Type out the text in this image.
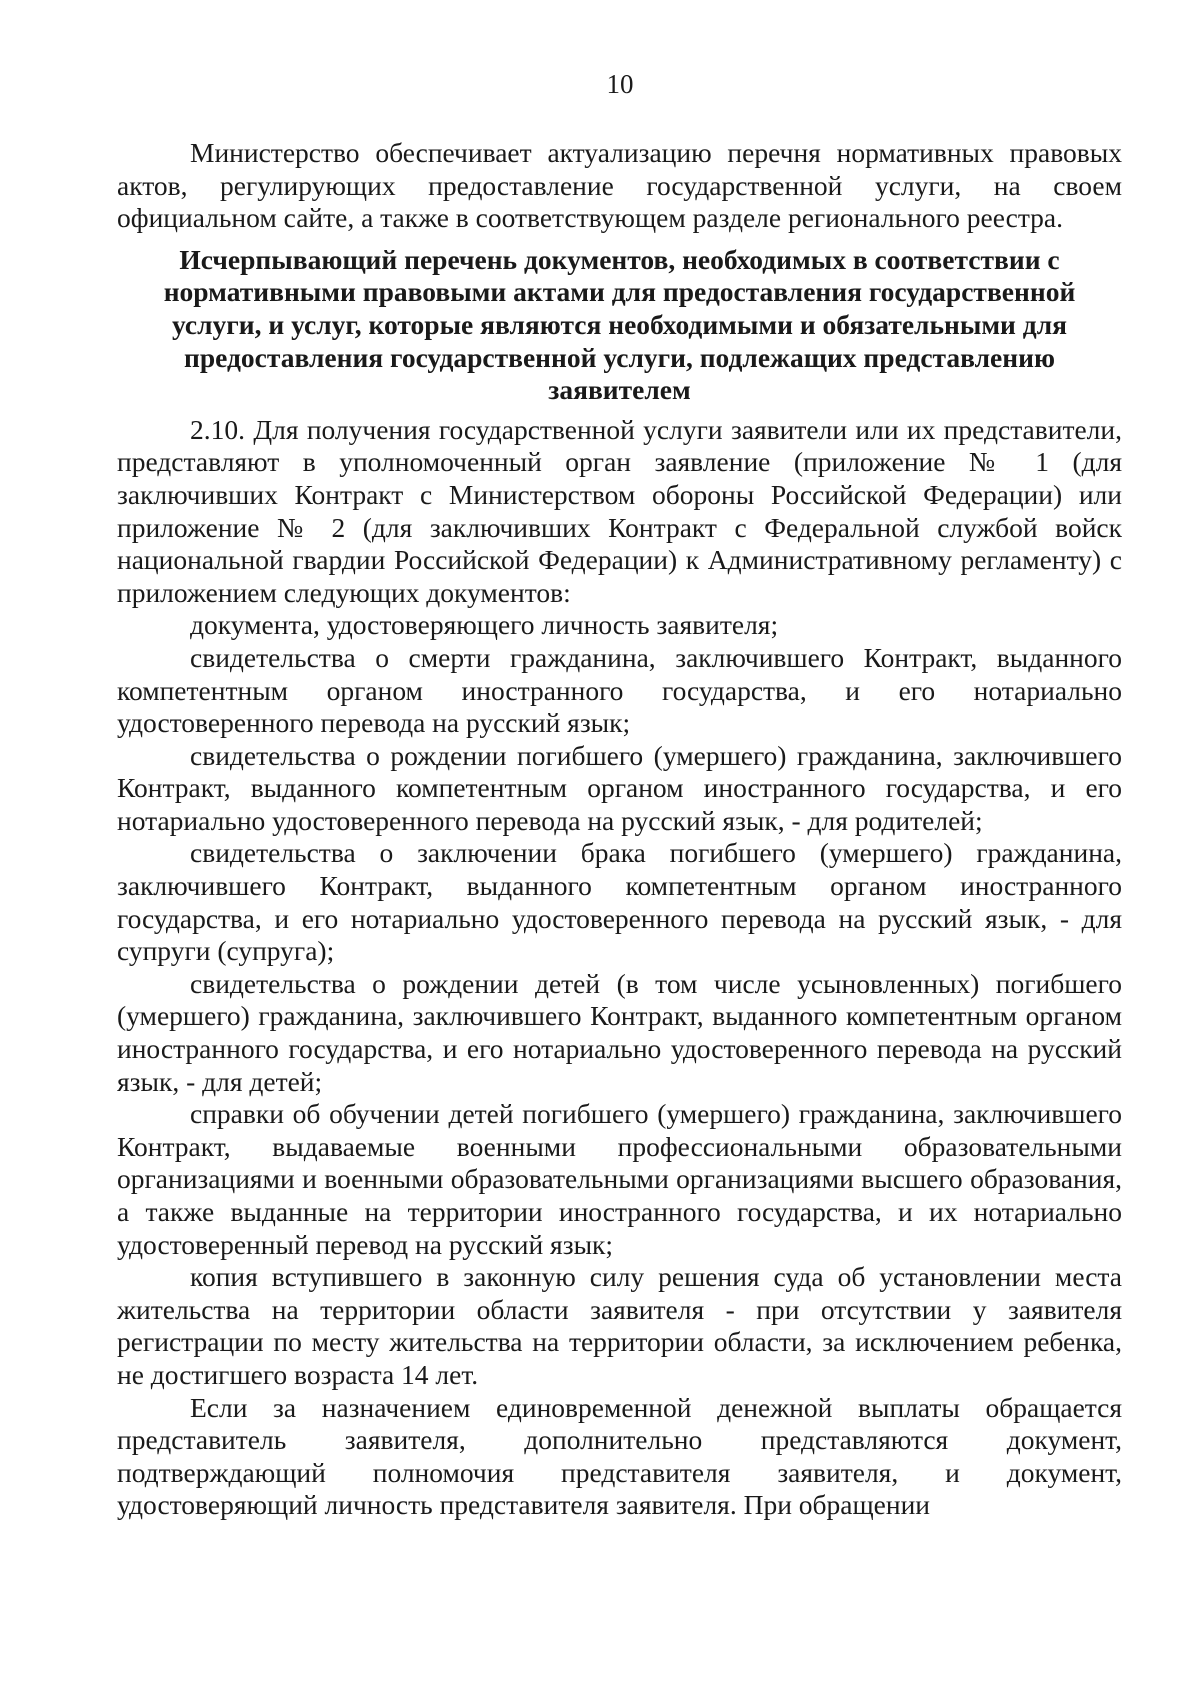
10

Министерство обеспечивает актуализацию перечня нормативных правовых актов, регулирующих предоставление государственной услуги, на своем официальном сайте, а также в соответствующем разделе регионального реестра.

Исчерпывающий перечень документов, необходимых в соответствии с нормативными правовыми актами для предоставления государственной услуги, и услуг, которые являются необходимыми и обязательными для предоставления государственной услуги, подлежащих представлению заявителем

2.10. Для получения государственной услуги заявители или их представители, представляют в уполномоченный орган заявление (приложение № 1 (для заключивших Контракт с Министерством обороны Российской Федерации) или приложение № 2 (для заключивших Контракт с Федеральной службой войск национальной гвардии Российской Федерации) к Административному регламенту) с приложением следующих документов:

документа, удостоверяющего личность заявителя;

свидетельства о смерти гражданина, заключившего Контракт, выданного компетентным органом иностранного государства, и его нотариально удостоверенного перевода на русский язык;

свидетельства о рождении погибшего (умершего) гражданина, заключившего Контракт, выданного компетентным органом иностранного государства, и его нотариально удостоверенного перевода на русский язык, - для родителей;

свидетельства о заключении брака погибшего (умершего) гражданина, заключившего Контракт, выданного компетентным органом иностранного государства, и его нотариально удостоверенного перевода на русский язык, - для супруги (супруга);

свидетельства о рождении детей (в том числе усыновленных) погибшего (умершего) гражданина, заключившего Контракт, выданного компетентным органом иностранного государства, и его нотариально удостоверенного перевода на русский язык, - для детей;

справки об обучении детей погибшего (умершего) гражданина, заключившего Контракт, выдаваемые военными профессиональными образовательными организациями и военными образовательными организациями высшего образования, а также выданные на территории иностранного государства, и их нотариально удостоверенный перевод на русский язык;

копия вступившего в законную силу решения суда об установлении места жительства на территории области заявителя - при отсутствии у заявителя регистрации по месту жительства на территории области, за исключением ребенка, не достигшего возраста 14 лет.

Если за назначением единовременной денежной выплаты обращается представитель заявителя, дополнительно представляются документ, подтверждающий полномочия представителя заявителя, и документ, удостоверяющий личность представителя заявителя. При обращении
